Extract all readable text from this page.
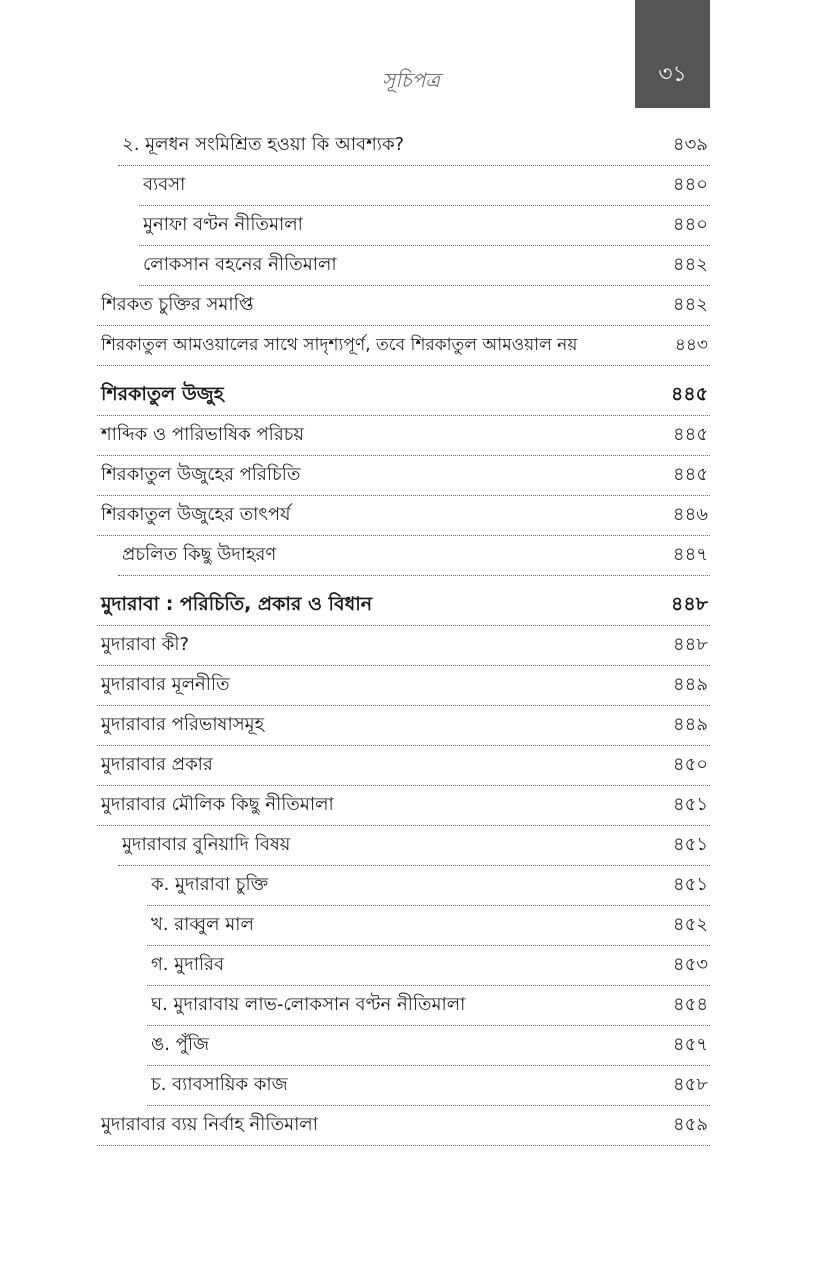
৩১
সূচিপত্র
২. মূলধন সংমিশ্রিত হওয়া কি আবশ্যক?	৪৩৯
ব্যবসা	৪৪০
মুনাফা বণ্টন নীতিমালা	৪৪০
লোকসান বহনের নীতিমালা	৪৪২
শিরকত চুক্তির সমাপ্তি	৪৪২
শিরকাতুল আমওয়ালের সাথে সাদৃশ্যপূর্ণ, তবে শিরকাতুল আমওয়াল নয়	৪৪৩
শিরকাতুল উজুহ	৪৪৫
শাব্দিক ও পারিভাষিক পরিচয়	৪৪৫
শিরকাতুল উজুহের পরিচিতি	৪৪৫
শিরকাতুল উজুহের তাৎপর্য	৪৪৬
প্রচলিত কিছু উদাহরণ	৪৪৭
মুদারাবা : পরিচিতি, প্রকার ও বিধান	৪৪৮
মুদারাবা কী?	৪৪৮
মুদারাবার মূলনীতি	৪৪৯
মুদারাবার পরিভাষাসমূহ	৪৪৯
মুদারাবার প্রকার	৪৫০
মুদারাবার মৌলিক কিছু নীতিমালা	৪৫১
মুদারাবার বুনিয়াদি বিষয়	৪৫১
ক. মুদারাবা চুক্তি	৪৫১
খ. রাব্বুল মাল	৪৫২
গ. মুদারিব	৪৫৩
ঘ. মুদারাবায় লাভ-লোকসান বণ্টন নীতিমালা	৪৫৪
ঙ. পুঁজি	৪৫৭
চ. ব্যাবসায়িক কাজ	৪৫৮
মুদারাবার ব্যয় নির্বাহ নীতিমালা	৪৫৯
